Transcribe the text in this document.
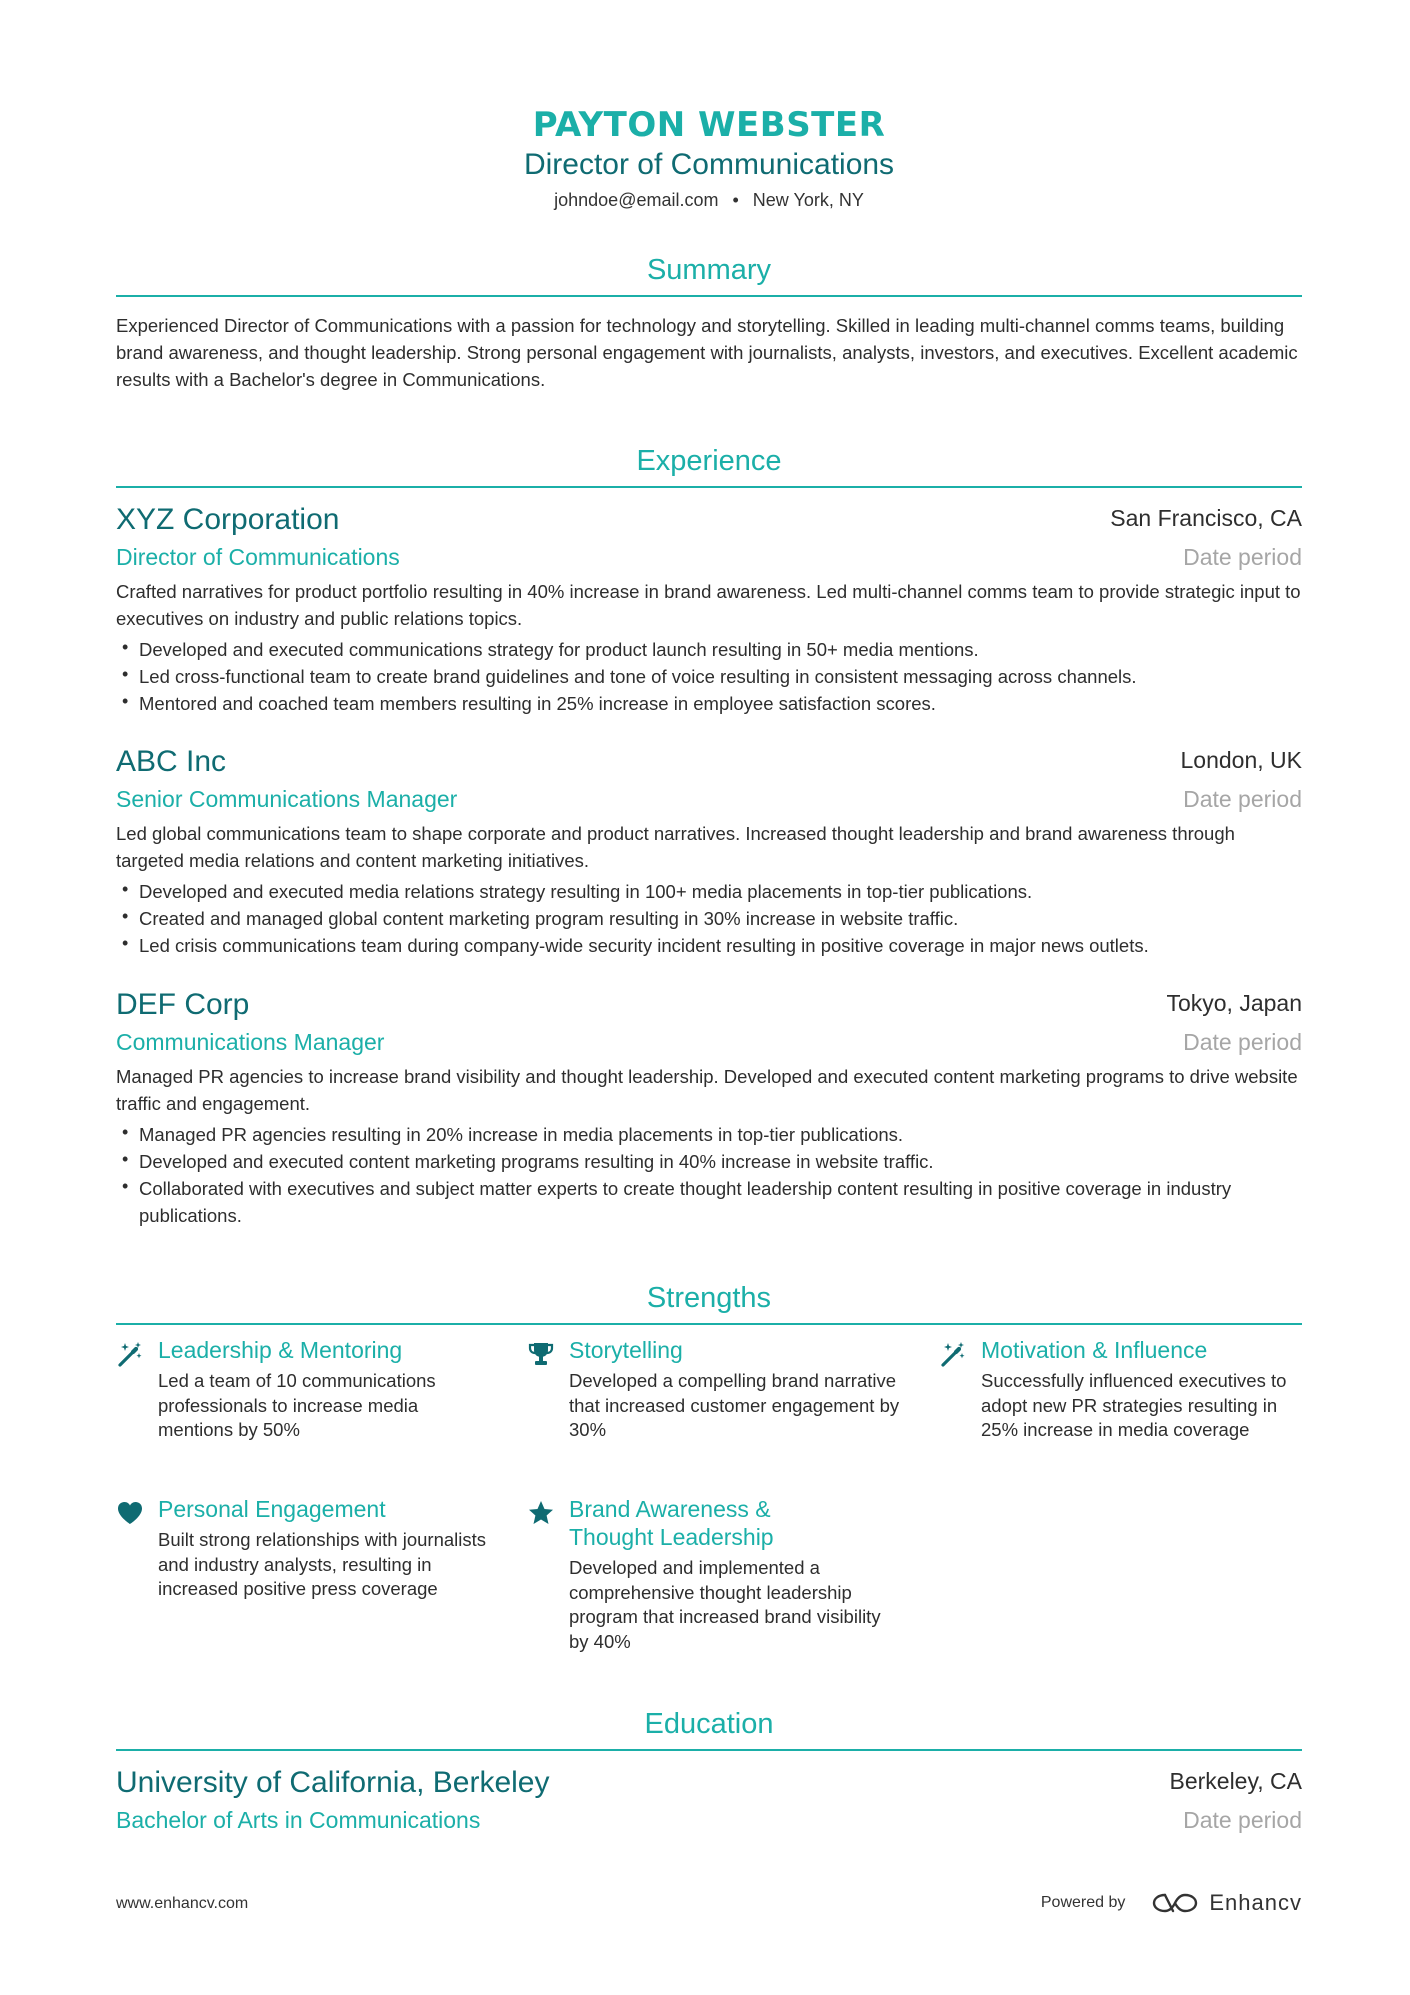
PAYTON WEBSTER
Director of Communications
johndoe@email.com • New York, NY
Summary
Experienced Director of Communications with a passion for technology and storytelling. Skilled in leading multi-channel comms teams, building brand awareness, and thought leadership. Strong personal engagement with journalists, analysts, investors, and executives. Excellent academic results with a Bachelor's degree in Communications.
Experience
XYZ Corporation	San Francisco, CA
Director of Communications	Date period
Crafted narratives for product portfolio resulting in 40% increase in brand awareness. Led multi-channel comms team to provide strategic input to executives on industry and public relations topics.
• Developed and executed communications strategy for product launch resulting in 50+ media mentions.
• Led cross-functional team to create brand guidelines and tone of voice resulting in consistent messaging across channels.
• Mentored and coached team members resulting in 25% increase in employee satisfaction scores.
ABC Inc	London, UK
Senior Communications Manager	Date period
Led global communications team to shape corporate and product narratives. Increased thought leadership and brand awareness through targeted media relations and content marketing initiatives.
• Developed and executed media relations strategy resulting in 100+ media placements in top-tier publications.
• Created and managed global content marketing program resulting in 30% increase in website traffic.
• Led crisis communications team during company-wide security incident resulting in positive coverage in major news outlets.
DEF Corp	Tokyo, Japan
Communications Manager	Date period
Managed PR agencies to increase brand visibility and thought leadership. Developed and executed content marketing programs to drive website traffic and engagement.
• Managed PR agencies resulting in 20% increase in media placements in top-tier publications.
• Developed and executed content marketing programs resulting in 40% increase in website traffic.
• Collaborated with executives and subject matter experts to create thought leadership content resulting in positive coverage in industry publications.
Strengths
Leadership & Mentoring
Led a team of 10 communications professionals to increase media mentions by 50%
Storytelling
Developed a compelling brand narrative that increased customer engagement by 30%
Motivation & Influence
Successfully influenced executives to adopt new PR strategies resulting in 25% increase in media coverage
Personal Engagement
Built strong relationships with journalists and industry analysts, resulting in increased positive press coverage
Brand Awareness & Thought Leadership
Developed and implemented a comprehensive thought leadership program that increased brand visibility by 40%
Education
University of California, Berkeley	Berkeley, CA
Bachelor of Arts in Communications	Date period
www.enhancv.com	Powered by	Enhancv
